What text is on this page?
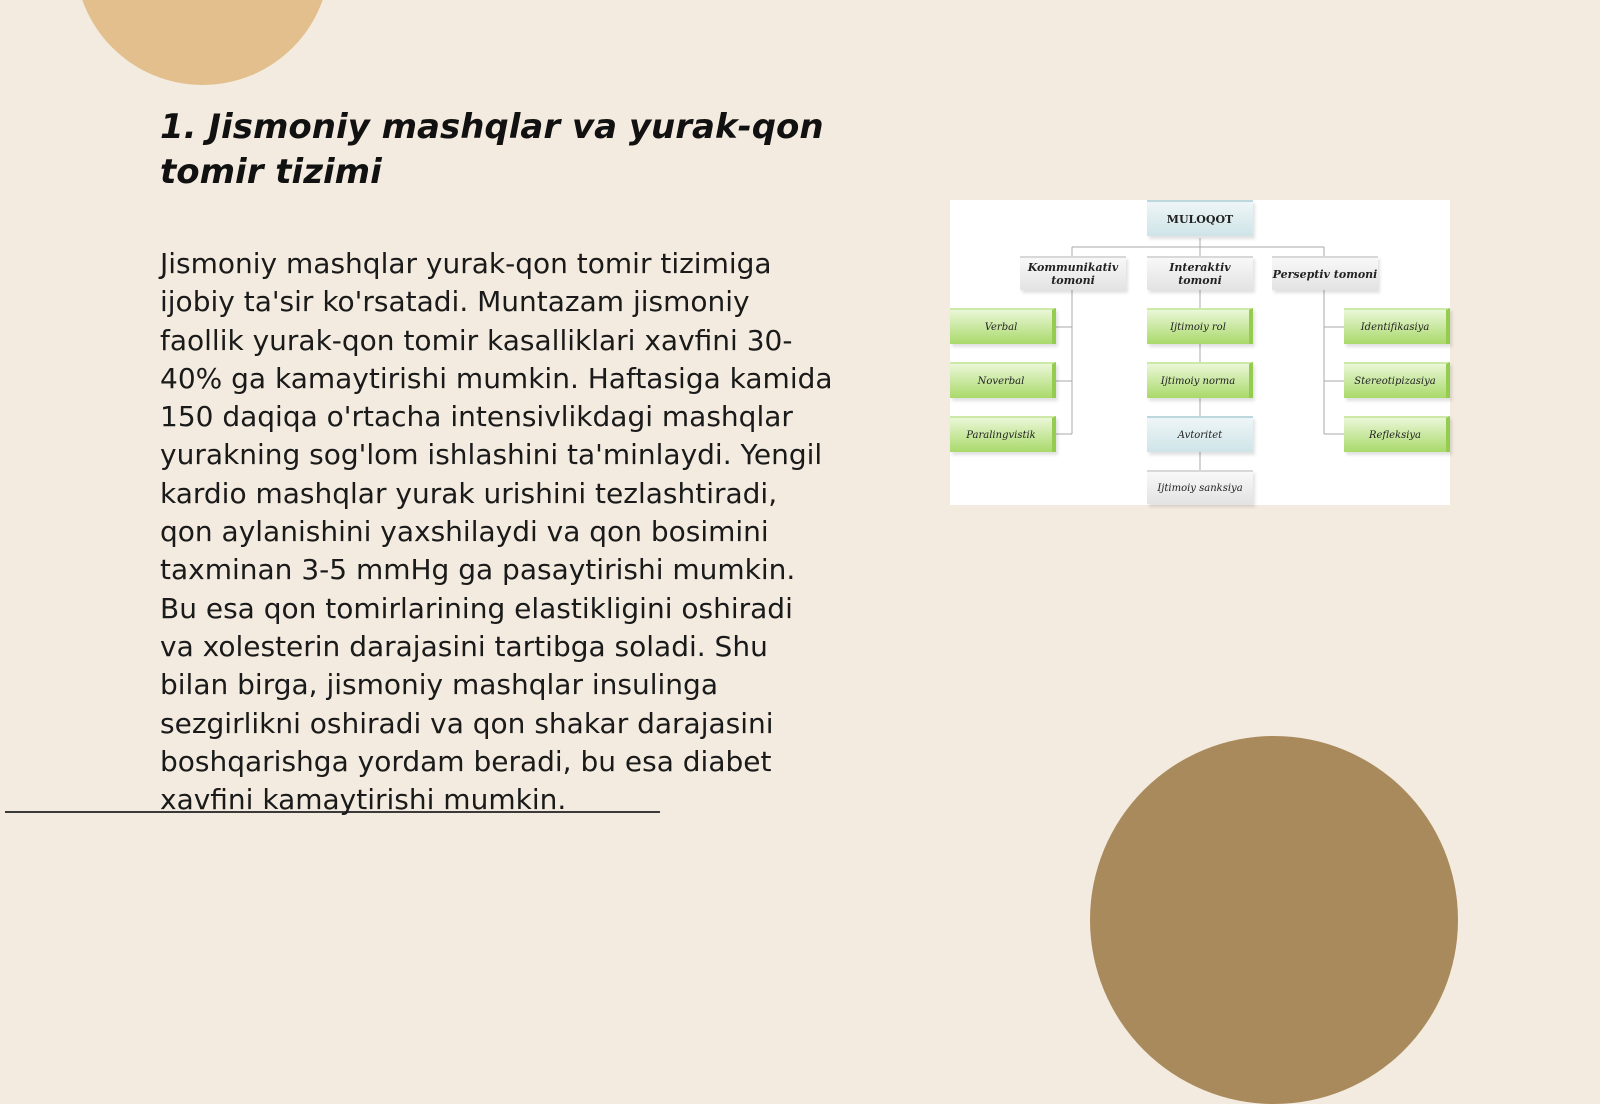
1. Jismoniy mashqlar va yurak-qon tomir tizimi

Jismoniy mashqlar yurak-qon tomir tizimiga ijobiy ta'sir ko'rsatadi. Muntazam jismoniy faollik yurak-qon tomir kasalliklari xavfini 30-40% ga kamaytirishi mumkin. Haftasiga kamida 150 daqiqa o'rtacha intensivlikdagi mashqlar yurakning sog'lom ishlashini ta'minlaydi. Yengil kardio mashqlar yurak urishini tezlashtiradi, qon aylanishini yaxshilaydi va qon bosimini taxminan 3-5 mmHg ga pasaytirishi mumkin. Bu esa qon tomirlarining elastikligini oshiradi va xolesterin darajasini tartibga soladi. Shu bilan birga, jismoniy mashqlar insulinga sezgirlikni oshiradi va qon shakar darajasini boshqarishga yordam beradi, bu esa diabet xavfini kamaytirishi mumkin.

MULOQOT
Kommunikativ tomoni
Interaktiv tomoni	Perseptiv tomoni
Verbal
Noverbal
Paralingvistik
Ijtimoiy rol
Ijtimoiy norma
Avtoritet
Ijtimoiy sanksiya
Identifikasiya
Stereotipizasiya
Refleksiya
